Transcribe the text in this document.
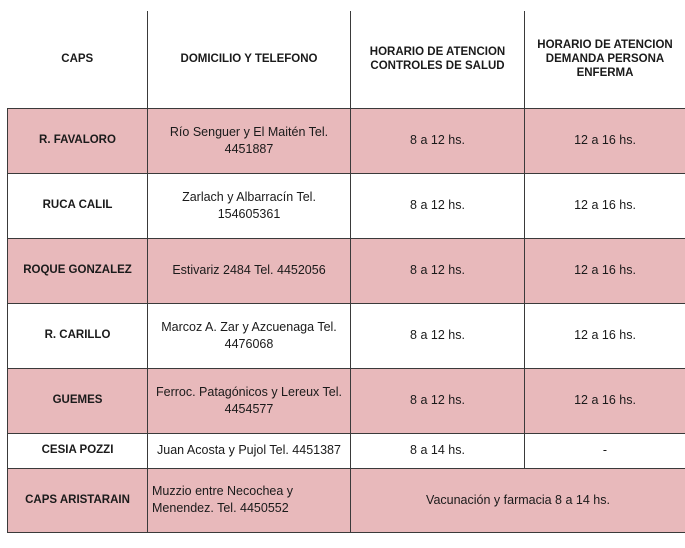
CAPS	DOMICILIO Y TELEFONO	HORARIO DE ATENCION CONTROLES DE SALUD	HORARIO DE ATENCION DEMANDA PERSONA ENFERMA
R. FAVALORO	Río Senguer y El Maitén Tel. 4451887	8 a 12 hs.	12 a 16 hs.
RUCA CALIL	Zarlach y Albarracín Tel. 154605361	8 a 12 hs.	12 a 16 hs.
ROQUE GONZALEZ	Estivariz 2484 Tel. 4452056	8 a 12 hs.	12 a 16 hs.
R. CARILLO	Marcoz A. Zar y Azcuenaga Tel. 4476068	8 a 12 hs.	12 a 16 hs.
GUEMES	Ferroc. Patagónicos y Lereux Tel. 4454577	8 a 12 hs.	12 a 16 hs.
CESIA POZZI	Juan Acosta y Pujol Tel. 4451387	8 a 14 hs.	-
CAPS ARISTARAIN	Muzzio entre Necochea y Menendez. Tel. 4450552	Vacunación y farmacia 8 a 14 hs.	
